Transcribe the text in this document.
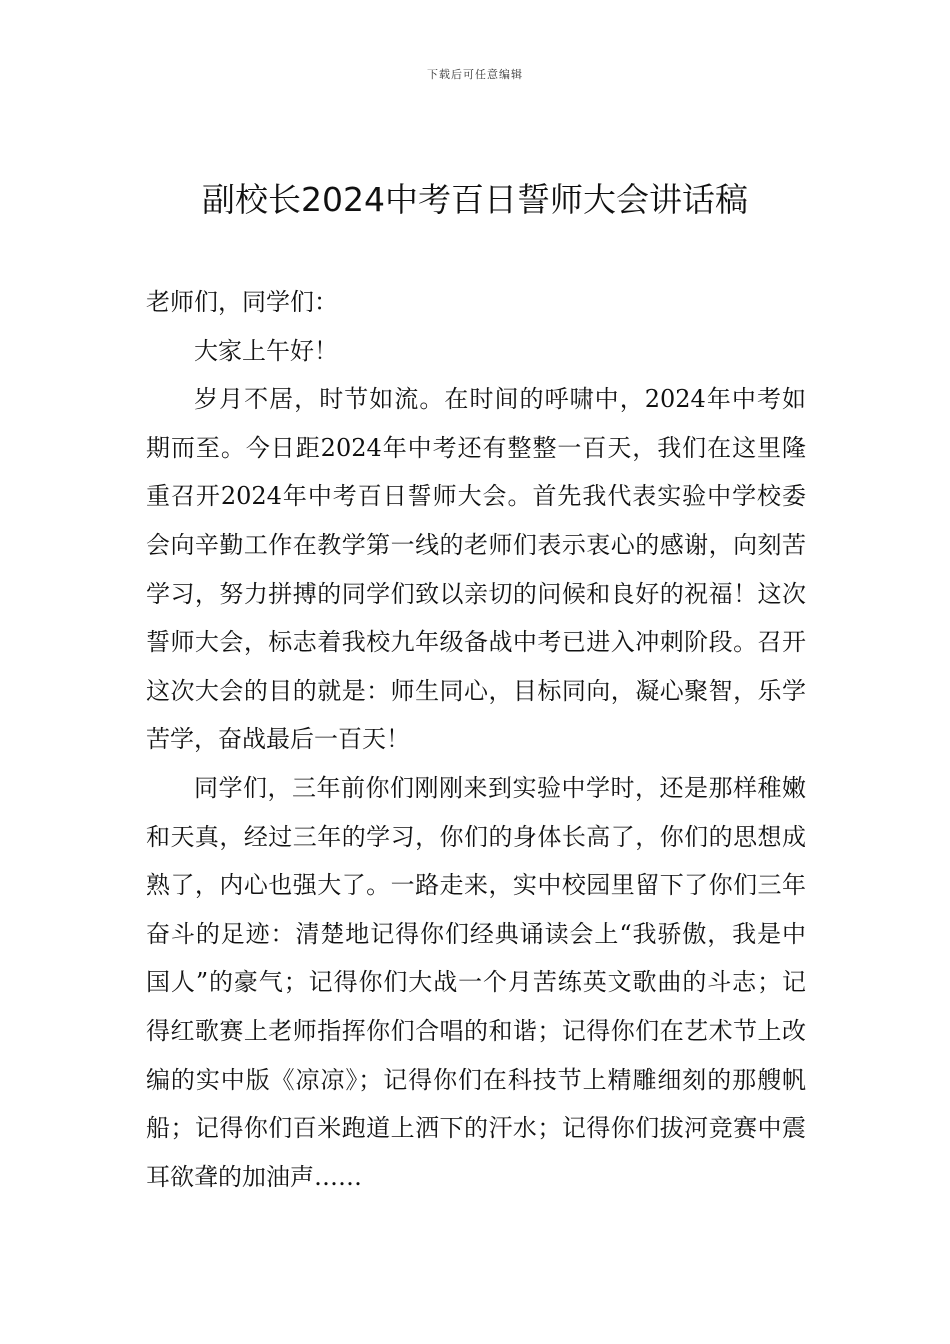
下载后可任意编辑
副校长2024中考百日誓师大会讲话稿

老师们，同学们：

大家上午好！

岁月不居，时节如流。在时间的呼啸中，2024年中考如期而至。今日距2024年中考还有整整一百天，我们在这里隆重召开2024年中考百日誓师大会。首先我代表实验中学校委会向辛勤工作在教学第一线的老师们表示衷心的感谢，向刻苦学习，努力拼搏的同学们致以亲切的问候和良好的祝福！这次誓师大会，标志着我校九年级备战中考已进入冲刺阶段。召开这次大会的目的就是：师生同心，目标同向，凝心聚智，乐学苦学，奋战最后一百天！

同学们，三年前你们刚刚来到实验中学时，还是那样稚嫩和天真，经过三年的学习，你们的身体长高了，你们的思想成熟了，内心也强大了。一路走来，实中校园里留下了你们三年奋斗的足迹：清楚地记得你们经典诵读会上“我骄傲，我是中国人”的豪气；记得你们大战一个月苦练英文歌曲的斗志；记得红歌赛上老师指挥你们合唱的和谐；记得你们在艺术节上改编的实中版《凉凉》；记得你们在科技节上精雕细刻的那艘帆船；记得你们百米跑道上洒下的汗水；记得你们拔河竞赛中震耳欲聋的加油声……
